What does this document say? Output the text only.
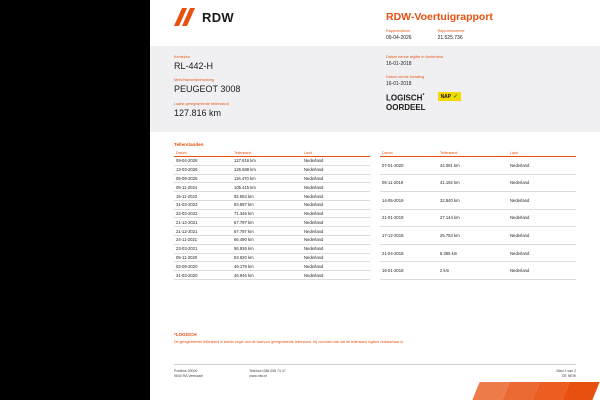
RDW	RDW-Voertuigrapport
Rapportdatum
09-04-2026
Rapportnummer
21.525.736
Kenteken
RL-442-H
Merk/Handelsbenaming
PEUGEOT 3008
Laatst geregistreerde tellerstand
127.816 km
Datum eerste afgifte in Nederland
16-01-2018
Datum eerste toelating
16-01-2018
LOGISCH*
OORDEEL
NAP ✓
Tellerstanden
Datum	Tellerstand	Land
09-04-2026	127.816 km	Nederland
13-03-2026	126.588 km	Nederland
05-09-2025	116.470 km	Nederland
05-11-2024	105.415 km	Nederland
15-11-2023	92.553 km	Nederland
31-03-2023	83.897 km	Nederland
22-03-2022	71.346 km	Nederland
21-12-2021	67.797 km	Nederland
21-12-2021	67.797 km	Nederland
24-11-2021	66.490 km	Nederland
23-03-2021	56.926 km	Nederland
05-11-2020	53.620 km	Nederland
02-09-2020	49.179 km	Nederland
31-03-2020	46.946 km	Nederland
Datum	Tellerstand	Land
07-01-2020	44.081 km	Nederland
05-11-2019	41.192 km	Nederland
14-05-2019	32.840 km	Nederland
21-01-2019	27.144 km	Nederland
17-12-2018	25.753 km	Nederland
21-04-2018	8.385 km	Nederland
16-01-2018	2 km	Nederland
*LOGISCH
De geregistreerde tellerstand is steeds hoger dan de daarvoor geregistreerde tellerstand. Hij voordoen dan dat de tellerstand logisch verklaarbaar is.
Postbus 30000
9640 RA Veendam
Telefoon 088 008 74 47
www.rdw.nl
Blad 1 van 2
DE NEW
